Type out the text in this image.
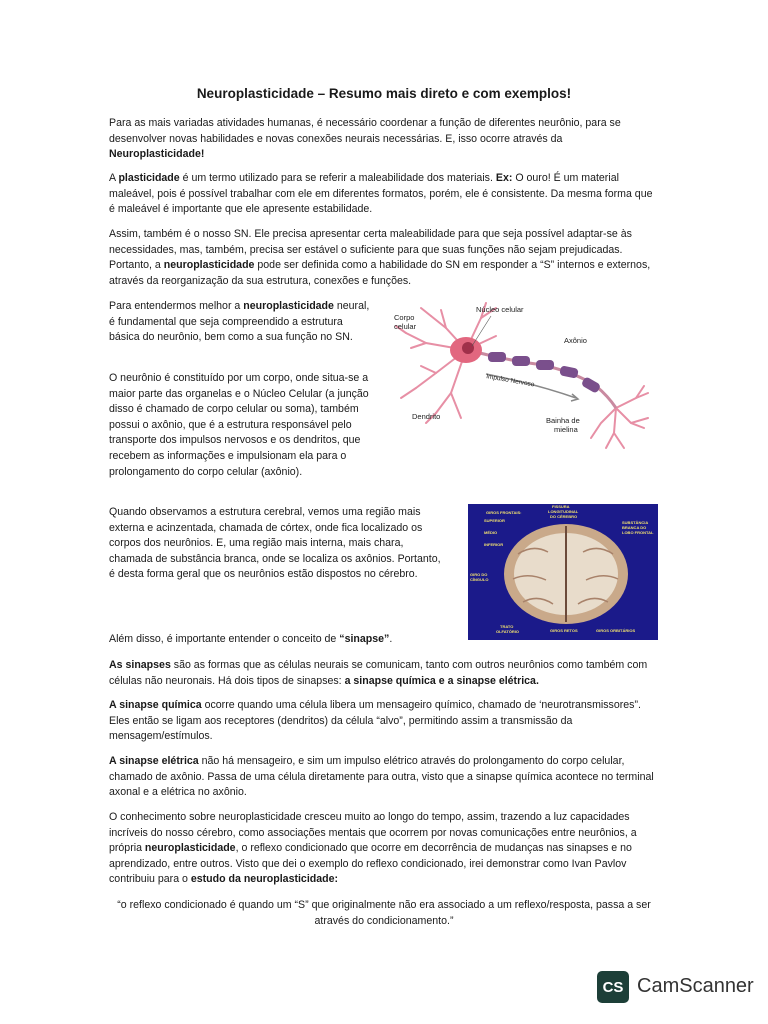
Neuroplasticidade – Resumo mais direto e com exemplos!

Para as mais variadas atividades humanas, é necessário coordenar a função de diferentes neurônio, para se desenvolver novas habilidades e novas conexões neurais necessárias. E, isso ocorre através da Neuroplasticidade!

A plasticidade é um termo utilizado para se referir a maleabilidade dos materiais. Ex: O ouro! É um material maleável, pois é possível trabalhar com ele em diferentes formatos, porém, ele é consistente. Da mesma forma que é maleável é importante que ele apresente estabilidade.

Assim, também é o nosso SN. Ele precisa apresentar certa maleabilidade para que seja possível adaptar-se às necessidades, mas, também, precisa ser estável o suficiente para que suas funções não sejam prejudicadas. Portanto, a neuroplasticidade pode ser definida como a habilidade do SN em responder a “S” internos e externos, através da reorganização da sua estrutura, conexões e funções.

Para entendermos melhor a neuroplasticidade neural, é fundamental que seja compreendido a estrutura básica do neurônio, bem como a sua função no SN.

O neurônio é constituído por um corpo, onde situa-se a maior parte das organelas e o Núcleo Celular (a junção disso é chamado de corpo celular ou soma), também possui o axônio, que é a estrutura responsável pelo transporte dos impulsos nervosos e os dendritos, que recebem as informações e impulsionam ela para o prolongamento do corpo celular (axônio).

Quando observamos a estrutura cerebral, vemos uma região mais externa e acinzentada, chamada de córtex, onde fica localizado os corpos dos neurônios. E, uma região mais interna, mais chara, chamada de substância branca, onde se localiza os axônios. Portanto, é desta forma geral que os neurônios estão dispostos no cérebro.

Além disso, é importante entender o conceito de “sinapse”.

As sinapses são as formas que as células neurais se comunicam, tanto com outros neurônios como também com células não neuronais. Há dois tipos de sinapses: a sinapse química e a sinapse elétrica.

A sinapse química ocorre quando uma célula libera um mensageiro químico, chamado de ‘neurotransmissores”. Eles então se ligam aos receptores (dendritos) da célula “alvo”, permitindo assim a transmissão da mensagem/estímulos.

A sinapse elétrica não há mensageiro, e sim um impulso elétrico através do prolongamento do corpo celular, chamado de axônio. Passa de uma célula diretamente para outra, visto que a sinapse química acontece no terminal axonal e a elétrica no axônio.

O conhecimento sobre neuroplasticidade cresceu muito ao longo do tempo, assim, trazendo a luz capacidades incríveis do nosso cérebro, como associações mentais que ocorrem por novas comunicações entre neurônios, a própria neuroplasticidade, o reflexo condicionado que ocorre em decorrência de mudanças nas sinapses e no aprendizado, entre outros. Visto que dei o exemplo do reflexo condicionado, irei demonstrar como Ivan Pavlov contribuiu para o estudo da neuroplasticidade:

“o reflexo condicionado é quando um “S” que originalmente não era associado a um reflexo/resposta, passa a ser através do condicionamento.”

Corpo
celular
Núcleo celular
Axônio
Impulso Nervoso
Dendrito	Bainha de
mielina
GIROS FRONTAIS:
SUPERIOR
MÉDIO
INFERIOR
FISSURA
LONGITUDINAL
DO CÉREBRO
SUBSTÂNCIA
BRANCA DO
LOBO FRONTAL
GIRO DO
CÍNGULO
TRATO
OLFATÓRIO	GIROS RETOS	GIROS ORBITÁRIOS
CS CamScanner
